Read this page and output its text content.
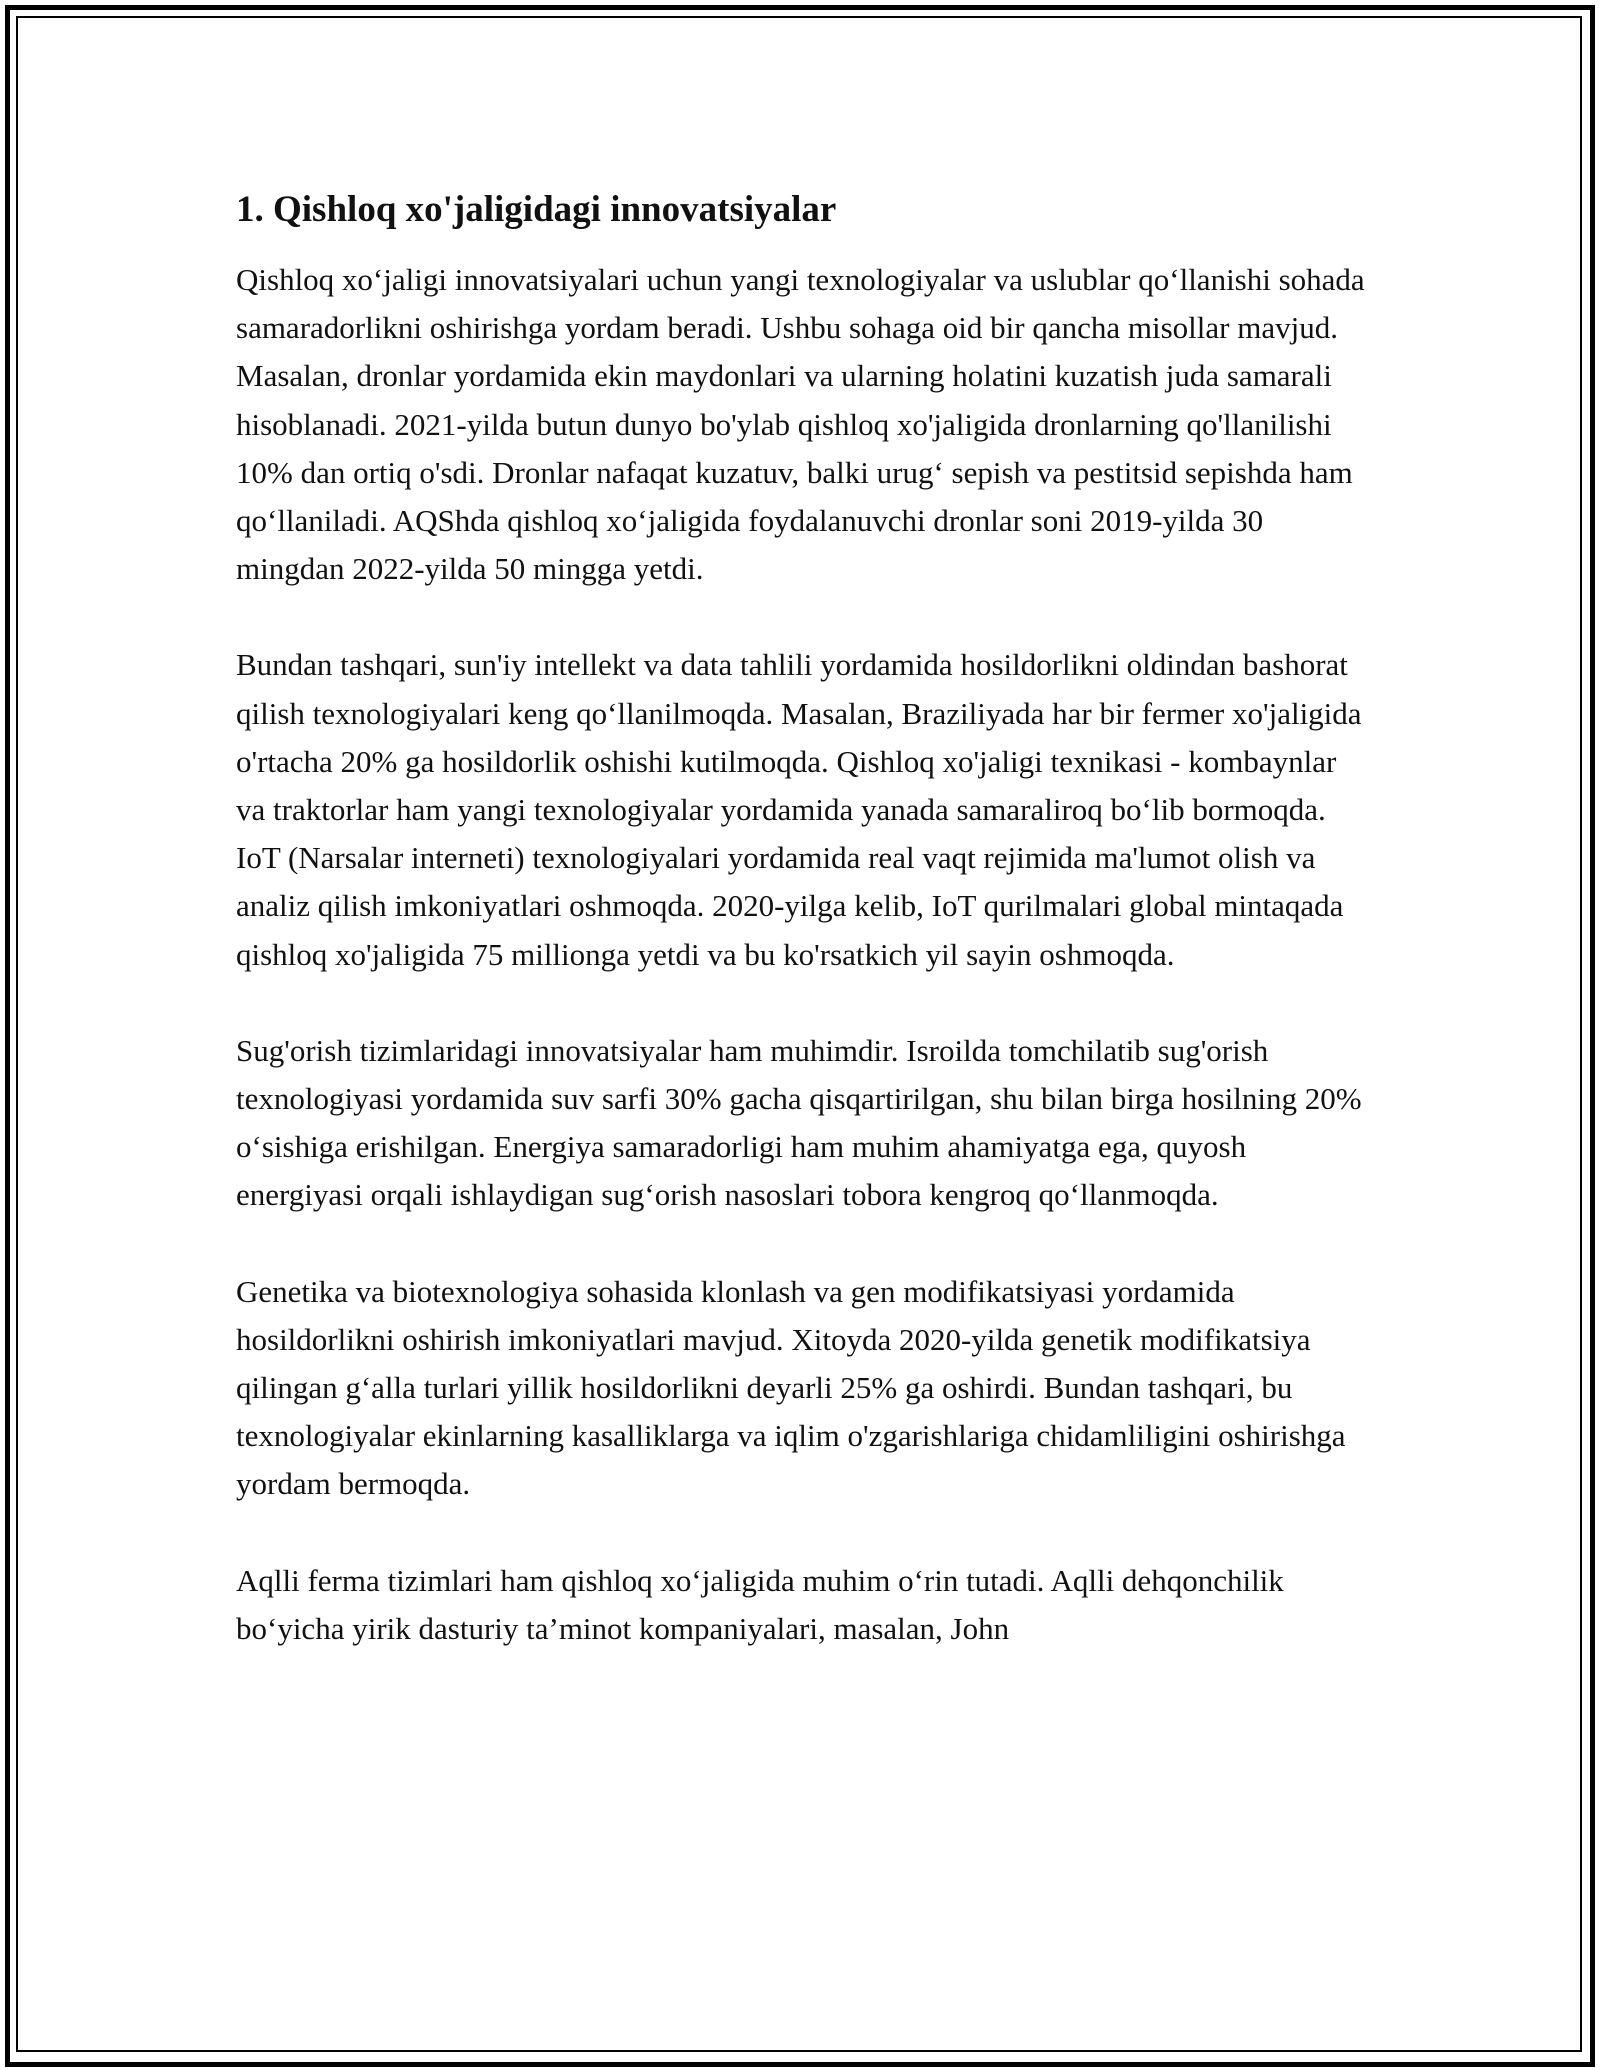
1. Qishloq xo'jaligidagi innovatsiyalar

Qishloq xo‘jaligi innovatsiyalari uchun yangi texnologiyalar va uslublar qo‘llanishi sohada samaradorlikni oshirishga yordam beradi. Ushbu sohaga oid bir qancha misollar mavjud. Masalan, dronlar yordamida ekin maydonlari va ularning holatini kuzatish juda samarali hisoblanadi. 2021-yilda butun dunyo bo'ylab qishloq xo'jaligida dronlarning qo'llanilishi 10% dan ortiq o'sdi. Dronlar nafaqat kuzatuv, balki urug‘ sepish va pestitsid sepishda ham qo‘llaniladi. AQShda qishloq xo‘jaligida foydalanuvchi dronlar soni 2019-yilda 30 mingdan 2022-yilda 50 mingga yetdi.

Bundan tashqari, sun'iy intellekt va data tahlili yordamida hosildorlikni oldindan bashorat qilish texnologiyalari keng qo‘llanilmoqda. Masalan, Braziliyada har bir fermer xo'jaligida o'rtacha 20% ga hosildorlik oshishi kutilmoqda. Qishloq xo'jaligi texnikasi - kombaynlar va traktorlar ham yangi texnologiyalar yordamida yanada samaraliroq bo‘lib bormoqda. IoT (Narsalar interneti) texnologiyalari yordamida real vaqt rejimida ma'lumot olish va analiz qilish imkoniyatlari oshmoqda. 2020-yilga kelib, IoT qurilmalari global mintaqada qishloq xo'jaligida 75 millionga yetdi va bu ko'rsatkich yil sayin oshmoqda.

Sug'orish tizimlaridagi innovatsiyalar ham muhimdir. Isroilda tomchilatib sug'orish texnologiyasi yordamida suv sarfi 30% gacha qisqartirilgan, shu bilan birga hosilning 20% o‘sishiga erishilgan. Energiya samaradorligi ham muhim ahamiyatga ega, quyosh energiyasi orqali ishlaydigan sug‘orish nasoslari tobora kengroq qo‘llanmoqda.

Genetika va biotexnologiya sohasida klonlash va gen modifikatsiyasi yordamida hosildorlikni oshirish imkoniyatlari mavjud. Xitoyda 2020-yilda genetik modifikatsiya qilingan g‘alla turlari yillik hosildorlikni deyarli 25% ga oshirdi. Bundan tashqari, bu texnologiyalar ekinlarning kasalliklarga va iqlim o'zgarishlariga chidamliligini oshirishga yordam bermoqda.

Aqlli ferma tizimlari ham qishloq xo‘jaligida muhim o‘rin tutadi. Aqlli dehqonchilik bo‘yicha yirik dasturiy ta’minot kompaniyalari, masalan, John
